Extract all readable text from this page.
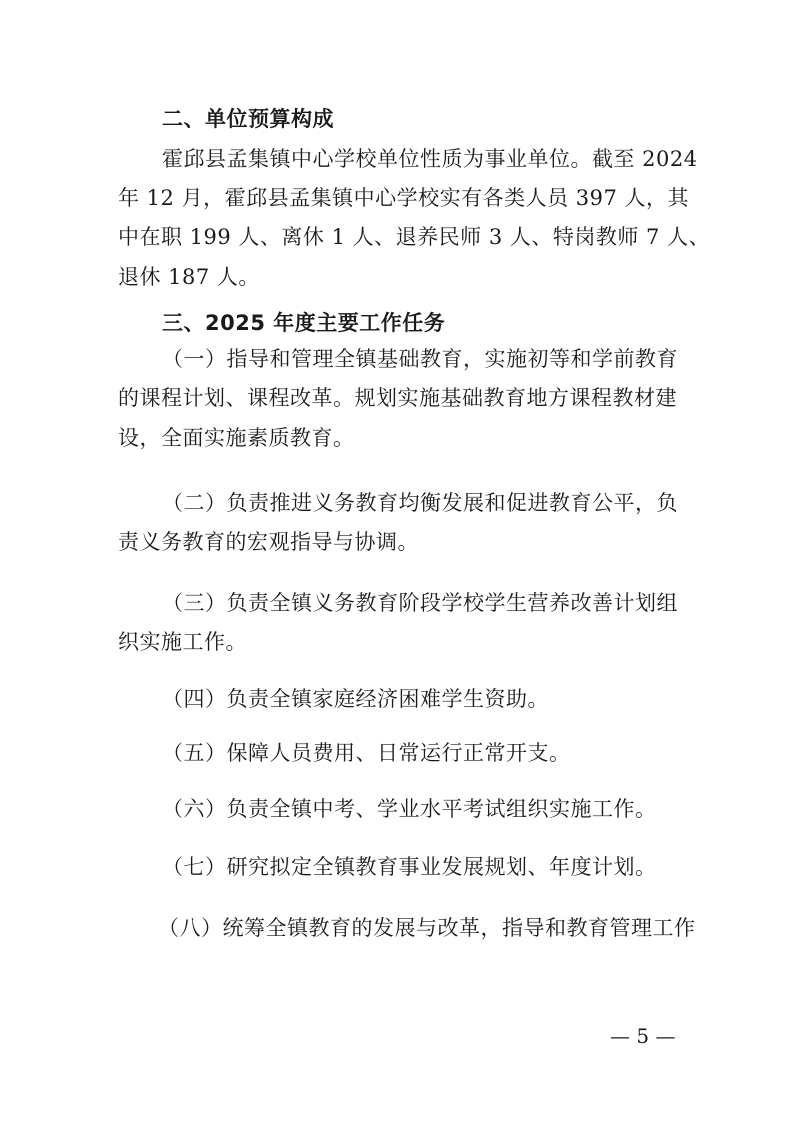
二、单位预算构成
霍邱县孟集镇中心学校单位性质为事业单位。截至 2024
年 12 月，霍邱县孟集镇中心学校实有各类人员 397 人，其
中在职 199 人、离休 1 人、退养民师 3 人、特岗教师 7 人、
退休 187 人。
三、2025 年度主要工作任务
（一）指导和管理全镇基础教育，实施初等和学前教育
的课程计划、课程改革。规划实施基础教育地方课程教材建
设，全面实施素质教育。
（二）负责推进义务教育均衡发展和促进教育公平，负
责义务教育的宏观指导与协调。
（三）负责全镇义务教育阶段学校学生营养改善计划组
织实施工作。
（四）负责全镇家庭经济困难学生资助。
（五）保障人员费用、日常运行正常开支。
（六）负责全镇中考、学业水平考试组织实施工作。
（七）研究拟定全镇教育事业发展规划、年度计划。
（八）统筹全镇教育的发展与改革，指导和教育管理工作
— 5 —
